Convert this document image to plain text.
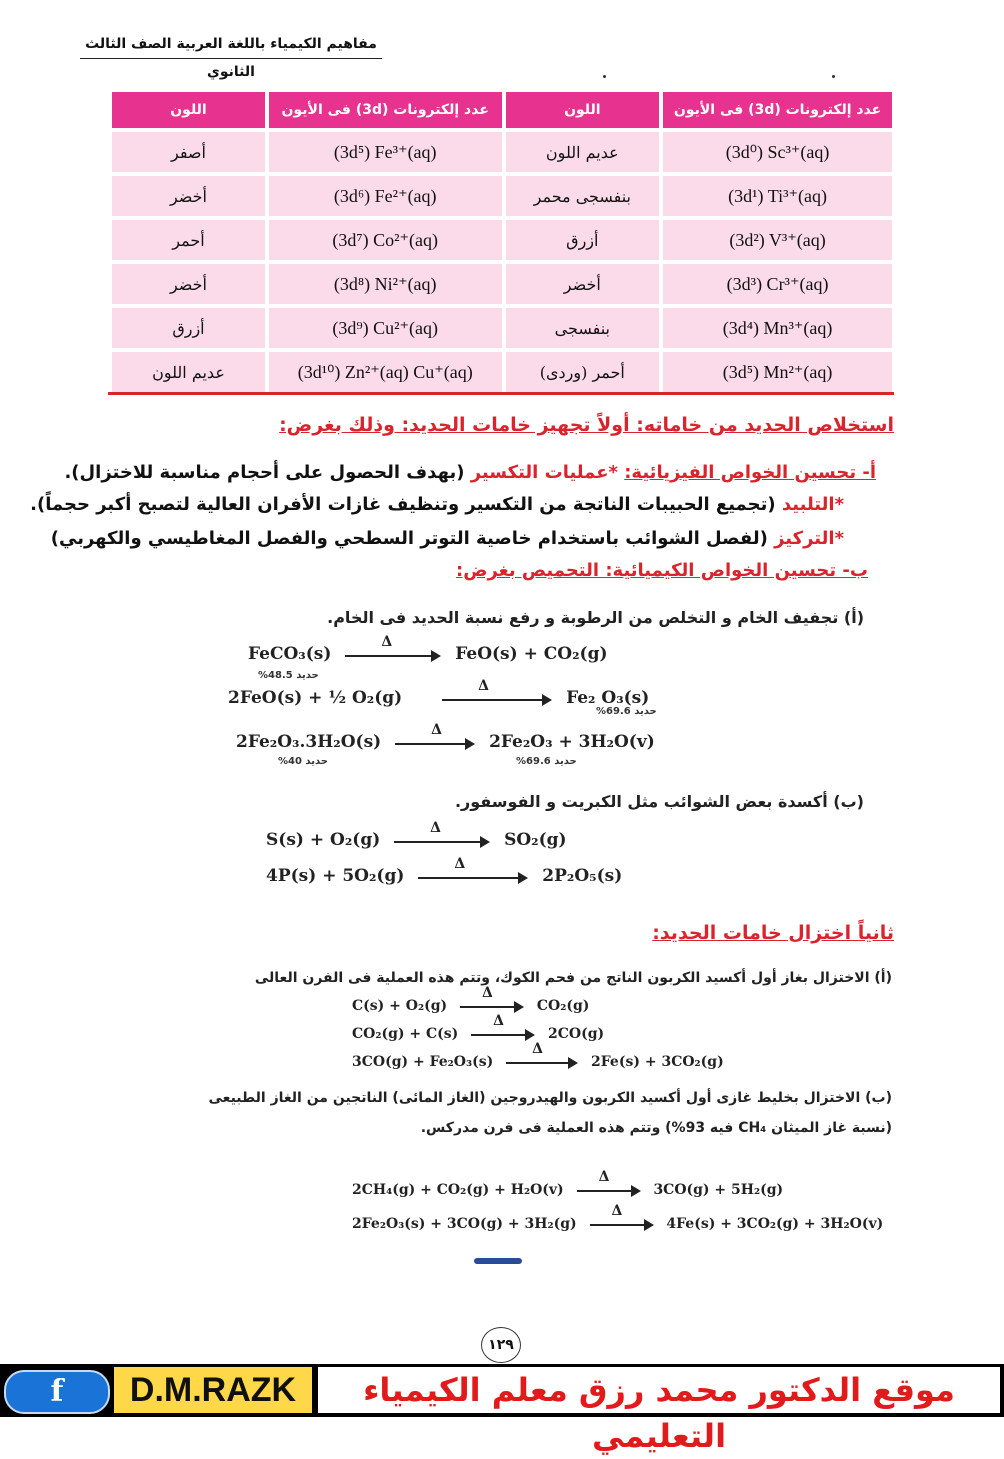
مفاهيم الكيمياء باللغة العربية الصف الثالث الثانوي
عدد إلكترونات (3d) فى الأيون	اللون	عدد إلكترونات (3d) فى الأيون	اللون
(3d⁰) Sc³⁺(aq)	عديم اللون	(3d⁵) Fe³⁺(aq)	أصفر
(3d¹) Ti³⁺(aq)	بنفسجى محمر	(3d⁶) Fe²⁺(aq)	أخضر
(3d²) V³⁺(aq)	أزرق	(3d⁷) Co²⁺(aq)	أحمر
(3d³) Cr³⁺(aq)	أخضر	(3d⁸) Ni²⁺(aq)	أخضر
(3d⁴) Mn³⁺(aq)	بنفسجى	(3d⁹) Cu²⁺(aq)	أزرق
(3d⁵) Mn²⁺(aq)	أحمر (وردى)	(3d¹⁰) Zn²⁺(aq) Cu⁺(aq)	عديم اللون
استخلاص الحديد من خاماته: أولاً تجهيز خامات الحديد: وذلك بغرض:
أ- تحسين الخواص الفيزيائية: *عمليات التكسير (بهدف الحصول على أحجام مناسبة للاختزال).
*التلبيد (تجميع الحبيبات الناتجة من التكسير وتنظيف غازات الأفران العالية لتصبح أكبر حجماً).
*التركيز (لفصل الشوائب باستخدام خاصية التوتر السطحي والفصل المغاطيسي والكهربي)
ب- تحسين الخواص الكيميائية: التحميص بغرض:
(أ) تجفيف الخام و التخلص من الرطوبة و رفع نسبة الحديد فى الخام.
FeCO₃(s)
Δ
FeO(s) + CO₂(g)
حديد 48.5%
2FeO(s) + ½ O₂(g)
Δ
Fe₂ O₃(s)
حديد 69.6%
2Fe₂O₃.3H₂O(s)
Δ
2Fe₂O₃ + 3H₂O(v)
حديد 40%	حديد 69.6%
(ب) أكسدة بعض الشوائب مثل الكبريت و الفوسفور.
S(s) + O₂(g)
Δ
SO₂(g)
4P(s) + 5O₂(g)
Δ
2P₂O₅(s)
ثانياً اختزال خامات الحديد:
(أ) الاختزال بغاز أول أكسيد الكربون الناتج من فحم الكوك، وتتم هذه العملية فى الفرن العالى
C(s) + O₂(g)
Δ
CO₂(g)
CO₂(g) + C(s)
Δ
2CO(g)
3CO(g) + Fe₂O₃(s)
Δ
2Fe(s) + 3CO₂(g)
(ب) الاختزال بخليط غازى أول أكسيد الكربون والهيدروجين (الغاز المائى) الناتجين من الغاز الطبيعى
(نسبة غاز الميثان CH₄ فيه 93%) وتتم هذه العملية فى فرن مدركس.
2CH₄(g) + CO₂(g) + H₂O(v)
Δ
3CO(g) + 5H₂(g)
2Fe₂O₃(s) + 3CO(g) + 3H₂(g)
Δ
4Fe(s) + 3CO₂(g) + 3H₂O(v)
١٢٩
f	D.M.RAZK	موقع الدكتور محمد رزق معلم الكيمياء التعليمي
